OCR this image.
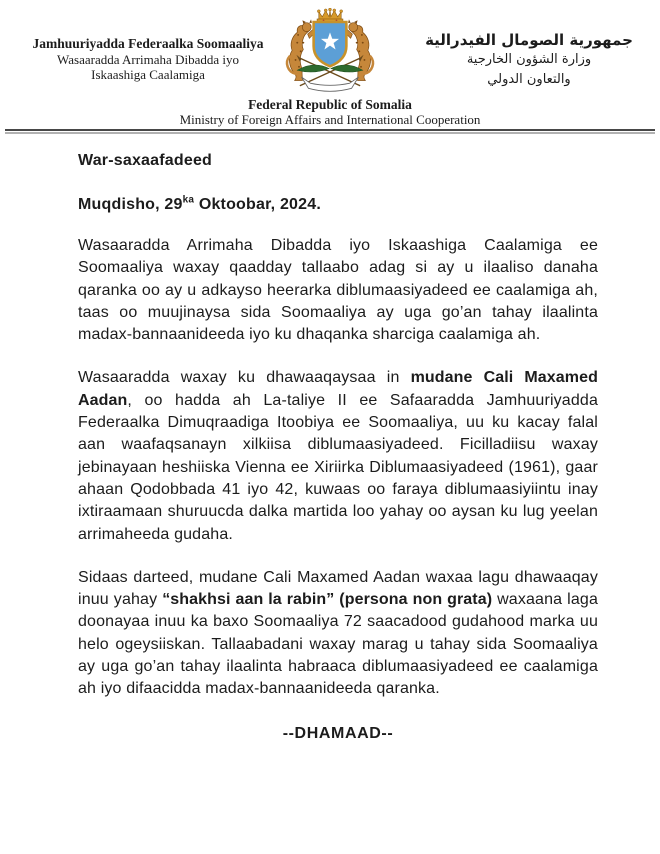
Jamhuuriyadda Federaalka Soomaaliya
Wasaaradda Arrimaha Dibadda iyo
Iskaashiga Caalamiga
جمهورية الصومال الفيدرالية
وزارة الشؤون الخارجية
والتعاون الدولي
Federal Republic of Somalia
Ministry of Foreign Affairs and International Cooperation
War-saxaafadeed
Muqdisho, $29^{ka}$ Oktoobar, 2024.

Wasaaradda Arrimaha Dibadda iyo Iskaashiga Caalamiga ee Soomaaliya waxay qaadday tallaabo adag si ay u ilaaliso danaha qaranka oo ay u adkayso heerarka diblumaasiyadeed ee caalamiga ah, taas oo muujinaysa sida Soomaaliya ay uga go’an tahay ilaalinta madax-bannaanideeda iyo ku dhaqanka sharciga caalamiga ah.

Wasaaradda waxay ku dhawaaqaysaa in mudane Cali Maxamed Aadan, oo hadda ah La-taliye II ee Safaaradda Jamhuuriyadda Federaalka Dimuqraadiga Itoobiya ee Soomaaliya, uu ku kacay falal aan waafaqsanayn xilkiisa diblumaasiyadeed. Ficilladiisu waxay jebinayaan heshiiska Vienna ee Xiriirka Diblumaasiyadeed (1961), gaar ahaan Qodobbada 41 iyo 42, kuwaas oo faraya diblumaasiyiintu inay ixtiraamaan shuruucda dalka martida loo yahay oo aysan ku lug yeelan arrimaheeda gudaha.

Sidaas darteed, mudane Cali Maxamed Aadan waxaa lagu dhawaaqay inuu yahay “shakhsi aan la rabin” (persona non grata) waxaana laga doonayaa inuu ka baxo Soomaaliya 72 saacadood gudahood marka uu helo ogeysiiskan. Tallaabadani waxay marag u tahay sida Soomaaliya ay uga go’an tahay ilaalinta habraaca diblumaasiyadeed ee caalamiga ah iyo difaacidda madax-bannaanideeda qaranka.

--DHAMAAD--
